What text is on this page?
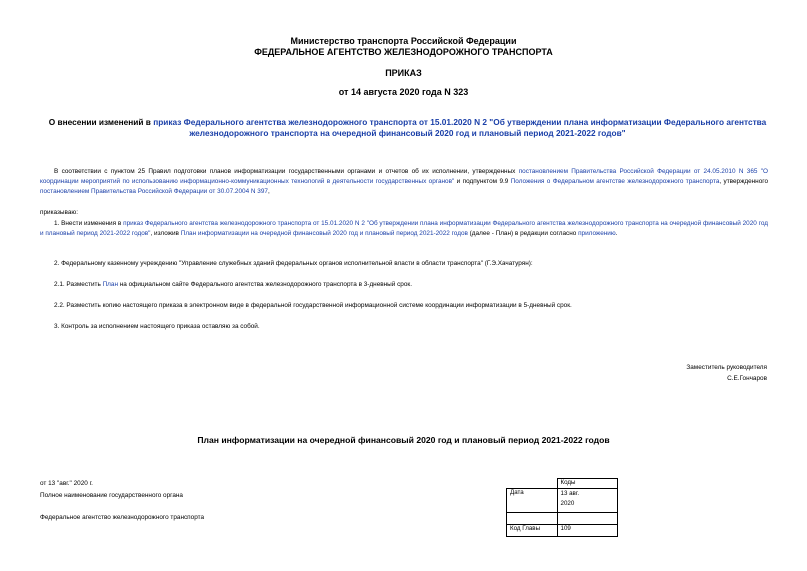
Министерство транспорта Российской Федерации
ФЕДЕРАЛЬНОЕ АГЕНТСТВО ЖЕЛЕЗНОДОРОЖНОГО ТРАНСПОРТА
ПРИКАЗ
от 14 августа 2020 года N 323
О внесении изменений в приказ Федерального агентства железнодорожного транспорта от 15.01.2020 N 2 "Об утверждении плана информатизации Федерального агентства железнодорожного транспорта на очередной финансовый 2020 год и плановый период 2021-2022 годов"
В соответствии с пунктом 25 Правил подготовки планов информатизации государственными органами и отчетов об их исполнении, утвержденных постановлением Правительства Российской Федерации от 24.05.2010 N 365 "О координации мероприятий по использованию информационно-коммуникационных технологий в деятельности государственных органов" и подпунктом 9.9 Положения о Федеральном агентстве железнодорожного транспорта, утвержденного постановлением Правительства Российской Федерации от 30.07.2004 N 397,
приказываю:
1. Внести изменения в приказ Федерального агентства железнодорожного транспорта от 15.01.2020 N 2 "Об утверждении плана информатизации Федерального агентства железнодорожного транспорта на очередной финансовый 2020 год и плановый период 2021-2022 годов", изложив План информатизации на очередной финансовый 2020 год и плановый период 2021-2022 годов (далее - План) в редакции согласно приложению.
2. Федеральному казенному учреждению "Управление служебных зданий федеральных органов исполнительной власти в области транспорта" (Г.Э.Хачатурян):
2.1. Разместить План на официальном сайте Федерального агентства железнодорожного транспорта в 3-дневный срок.
2.2. Разместить копию настоящего приказа в электронном виде в федеральной государственной информационной системе координации информатизации в 5-дневный срок.
3. Контроль за исполнением настоящего приказа оставляю за собой.
Заместитель руководителя
С.Е.Гончаров
План информатизации на очередной финансовый 2020 год и плановый период 2021-2022 годов
от 13 "авг." 2020 г.
Полное наименование государственного органа
Федеральное агентство железнодорожного транспорта
	Коды
Дата	13 авг.
2020

Код Главы	109
